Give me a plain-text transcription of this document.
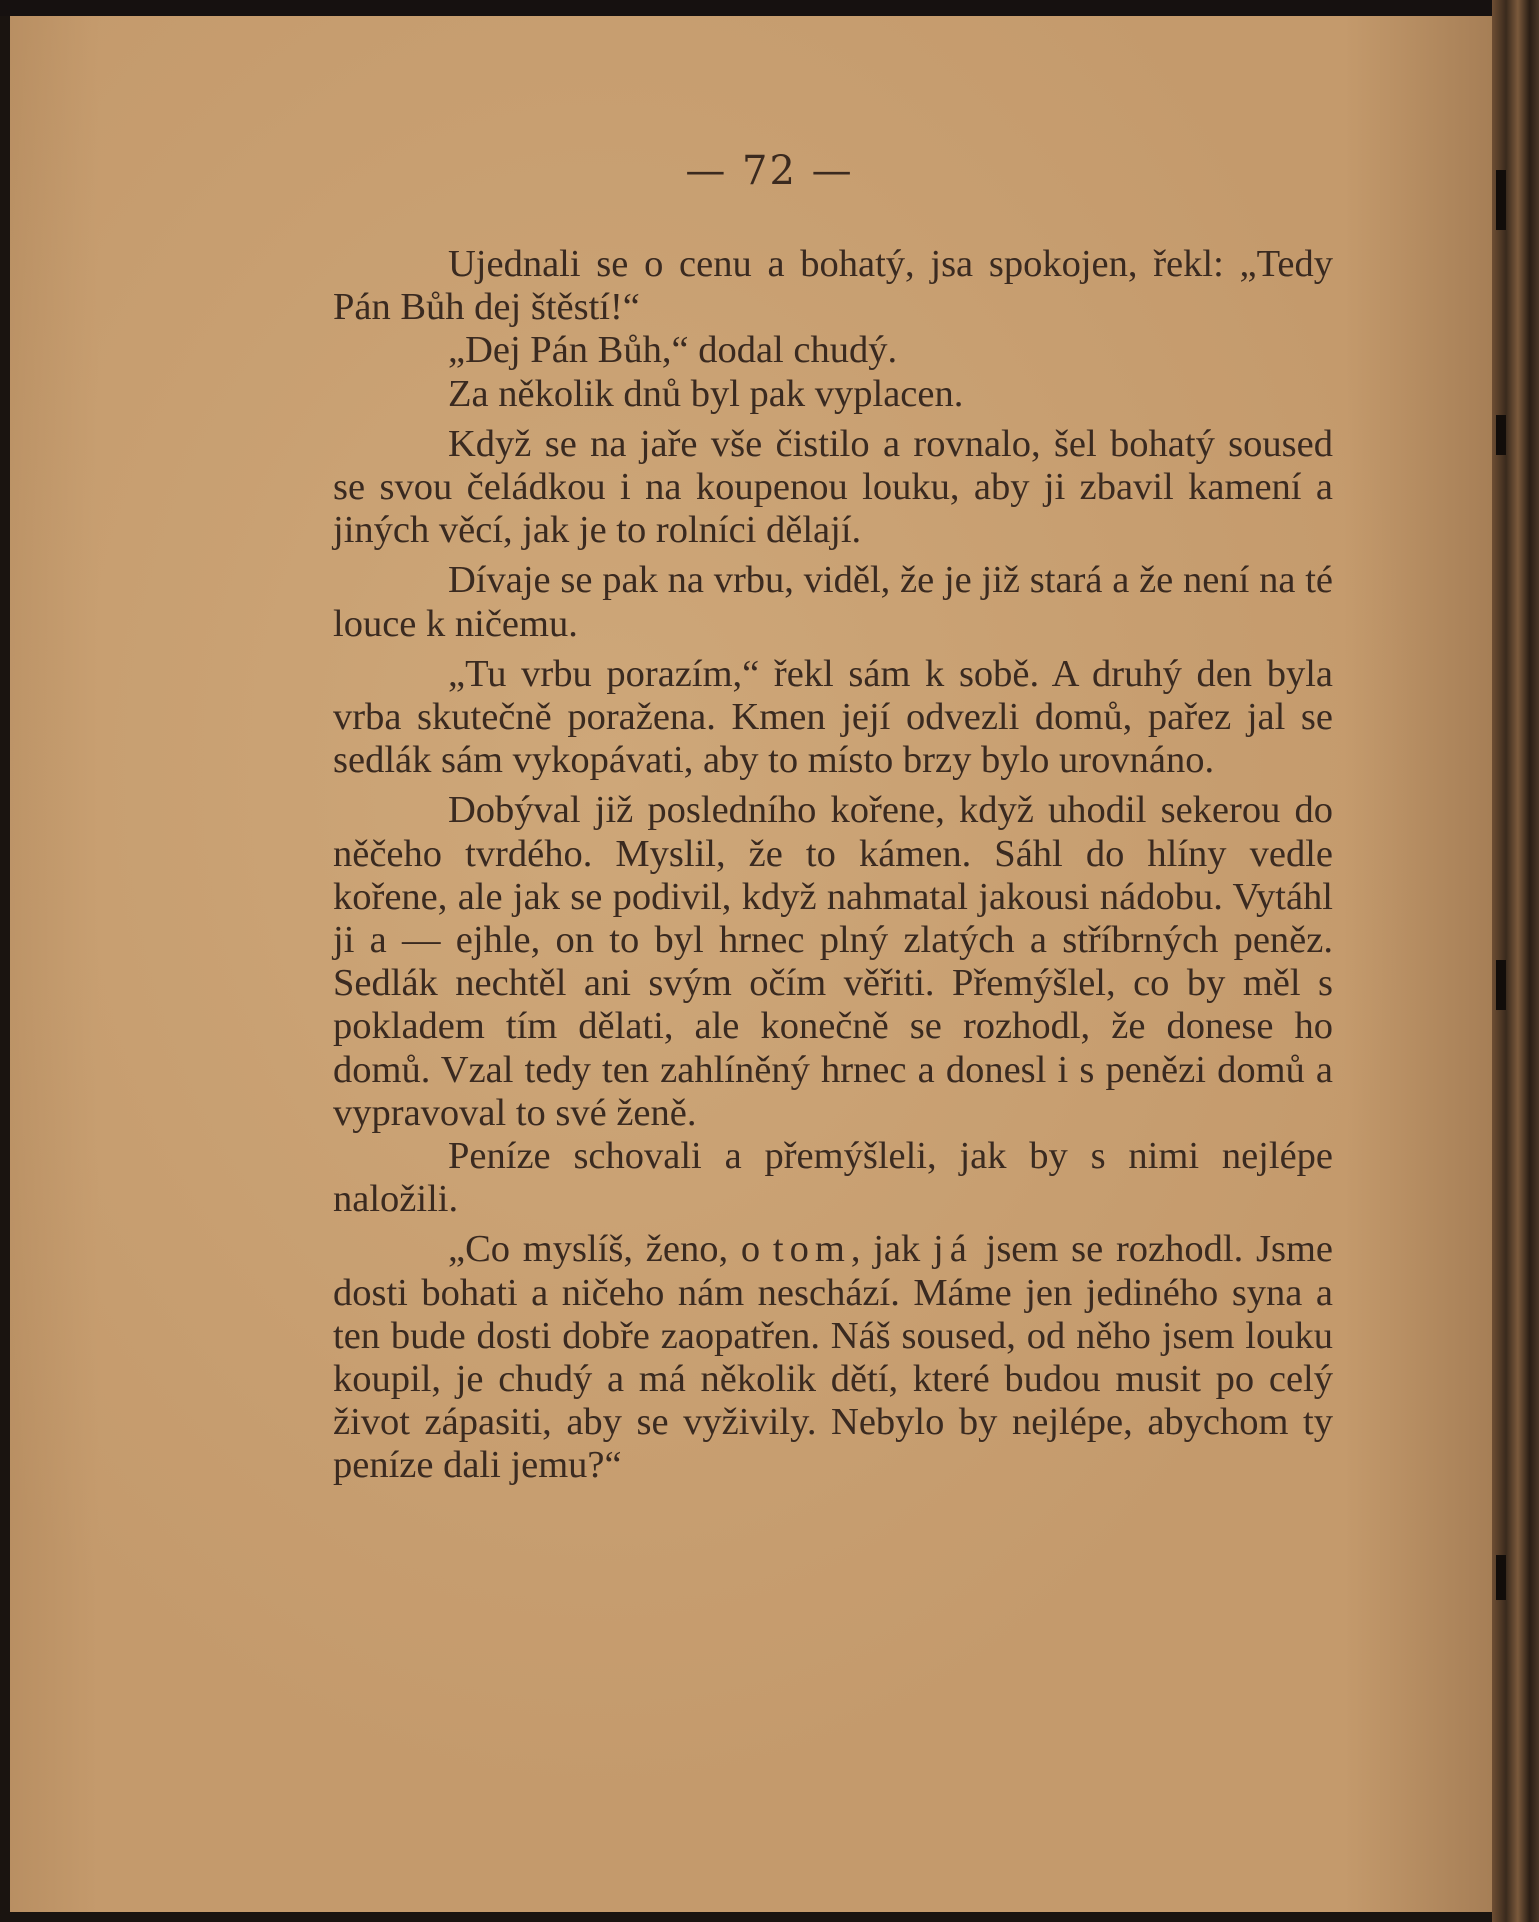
— 72 —

Ujednali se o cenu a bohatý, jsa spokojen, řekl: „Tedy Pán Bůh dej štěstí!“

„Dej Pán Bůh,“ dodal chudý.

Za několik dnů byl pak vyplacen.

Když se na jaře vše čistilo a rovnalo, šel bohatý soused se svou čeládkou i na koupenou louku, aby ji zbavil kamení a jiných věcí, jak je to rolníci dělají.

Dívaje se pak na vrbu, viděl, že je již stará a že není na té louce k ničemu.

„Tu vrbu porazím,“ řekl sám k sobě. A druhý den byla vrba skutečně poražena. Kmen její odvezli domů, pařez jal se sedlák sám vykopávati, aby to místo brzy bylo urovnáno.

Dobýval již posledního kořene, když uhodil sekerou do něčeho tvrdého. Myslil, že to kámen. Sáhl do hlíny vedle kořene, ale jak se podivil, když nahmatal jakousi nádobu. Vytáhl ji a — ejhle, on to byl hrnec plný zlatých a stříbrných peněz. Sedlák nechtěl ani svým očím věřiti. Přemýšlel, co by měl s pokladem tím dělati, ale konečně se rozhodl, že donese ho domů. Vzal tedy ten zahlíněný hrnec a donesl i s penězi domů a vypravoval to své ženě.

Peníze schovali a přemýšleli, jak by s nimi nejlépe naložili.

„Co myslíš, ženo, o tom, jak já jsem se rozhodl. Jsme dosti bohati a ničeho nám neschází. Máme jen jediného syna a ten bude dosti dobře zaopatřen. Náš soused, od něho jsem louku koupil, je chudý a má několik dětí, které budou musit po celý život zápasiti, aby se vyživily. Nebylo by nejlépe, abychom ty peníze dali jemu?“
